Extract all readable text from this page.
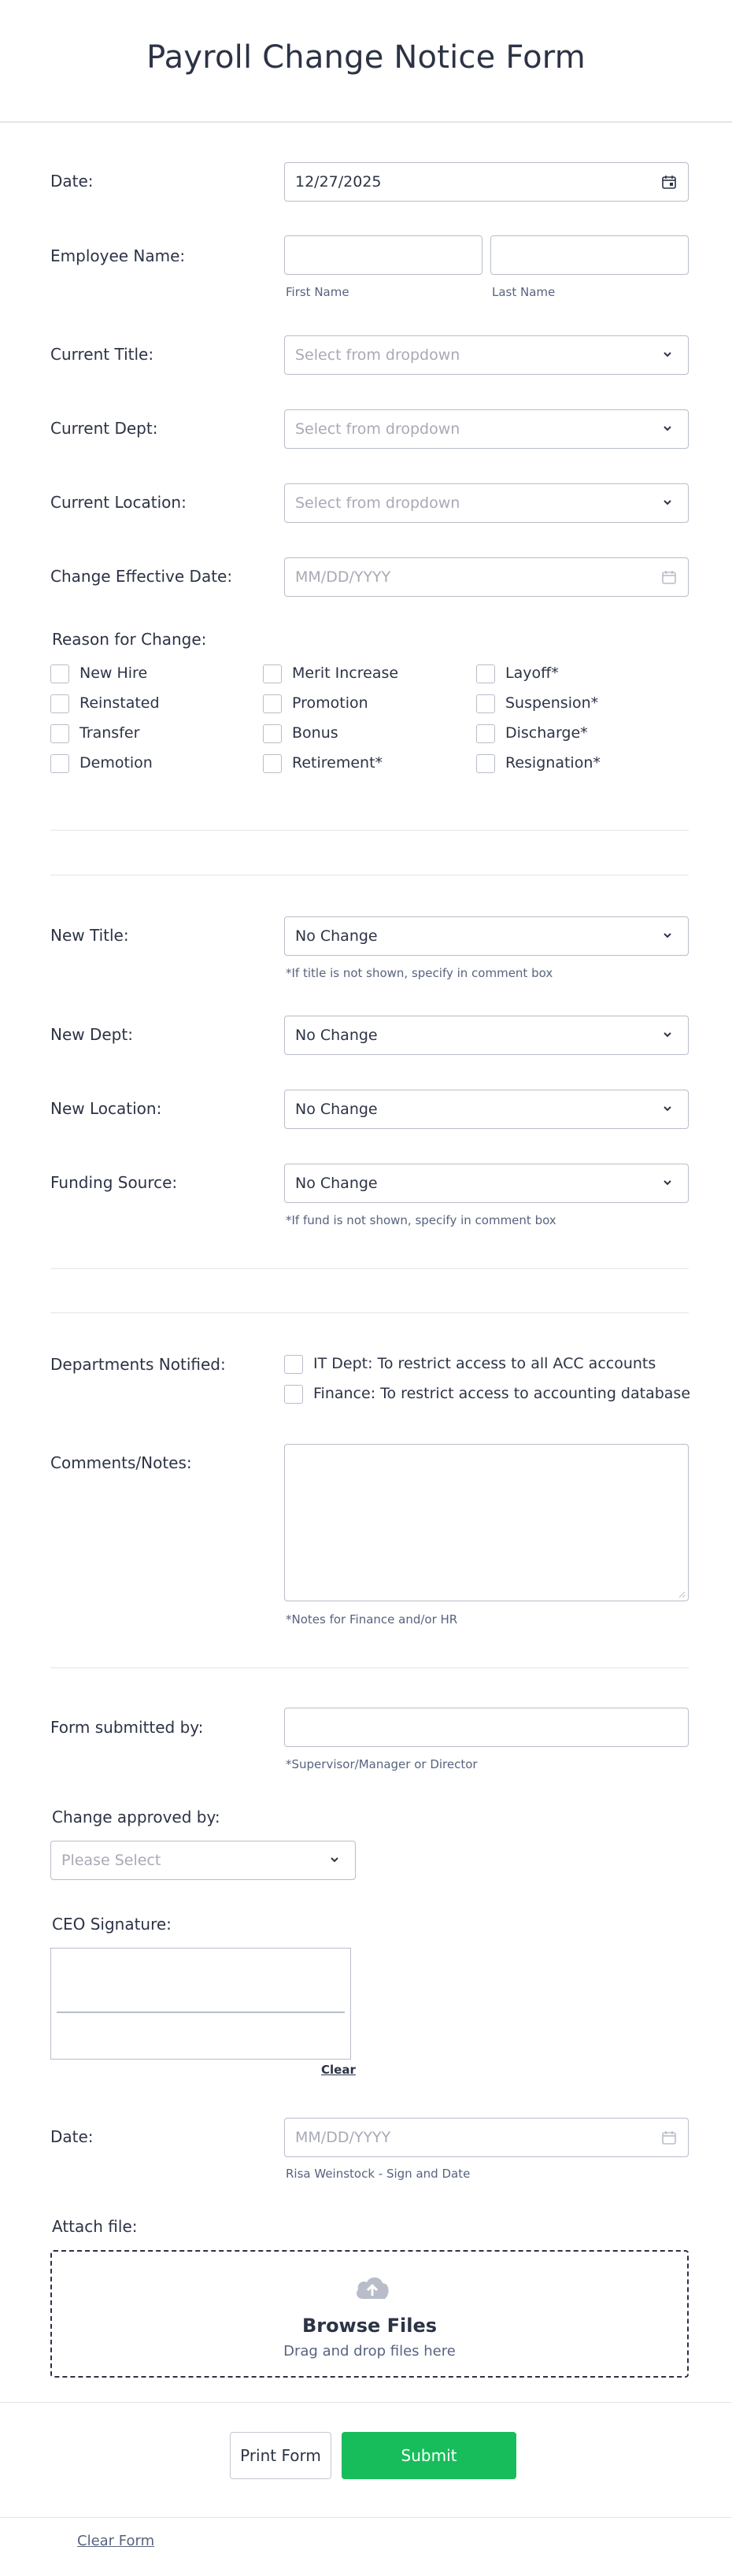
Payroll Change Notice Form
Date:	12/27/2025
Employee Name:
First Name	Last Name
Current Title:	Select from dropdown
Current Dept:	Select from dropdown
Current Location:	Select from dropdown
Change Effective Date:	MM/DD/YYYY
Reason for Change:
New Hire	Merit Increase	Layoff*
Reinstated	Promotion	Suspension*
Transfer	Bonus	Discharge*
Demotion	Retirement*	Resignation*
New Title:	No Change
*If title is not shown, specify in comment box
New Dept:	No Change
New Location:	No Change
Funding Source:	No Change
*If fund is not shown, specify in comment box
Departments Notified:	IT Dept: To restrict access to all ACC accounts
Finance: To restrict access to accounting database
Comments/Notes:
*Notes for Finance and/or HR
Form submitted by:
*Supervisor/Manager or Director
Change approved by:
Please Select
CEO Signature:
Clear
Date:	MM/DD/YYYY
Risa Weinstock - Sign and Date
Attach file:
Browse Files
Drag and drop files here
Print Form	Submit
Clear Form
